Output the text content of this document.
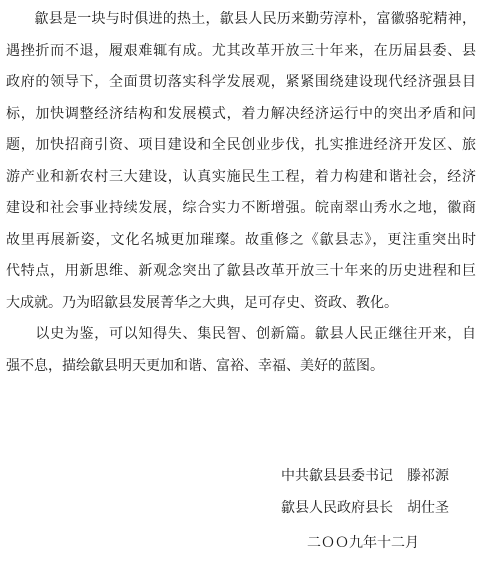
　　歙县是一块与时俱进的热土，歙县人民历来勤劳淳朴，富徽骆驼精神，
遇挫折而不退，履艰难辄有成。尤其改革开放三十年来，在历届县委、县
政府的领导下，全面贯切落实科学发展观，紧紧围绕建设现代经济强县目
标，加快调整经济结构和发展模式，着力解决经济运行中的突出矛盾和问
题，加快招商引资、项目建设和全民创业步伐，扎实推进经济开发区、旅
游产业和新农村三大建设，认真实施民生工程，着力构建和谐社会，经济
建设和社会事业持续发展，综合实力不断增强。皖南翠山秀水之地，徽商
故里再展新姿，文化名城更加璀璨。故重修之《歙县志》，更注重突出时
代特点，用新思维、新观念突出了歙县改革开放三十年来的历史进程和巨
大成就。乃为昭歙县发展菁华之大典，足可存史、资政、教化。
　　以史为鉴，可以知得失、集民智、创新篇。歙县人民正继往开来，自
强不息，描绘歙县明天更加和谐、富裕、幸福、美好的蓝图。
中共歙县县委书记　滕祁源
歙县人民政府县长　胡仕圣
二ＯＯ九年十二月
